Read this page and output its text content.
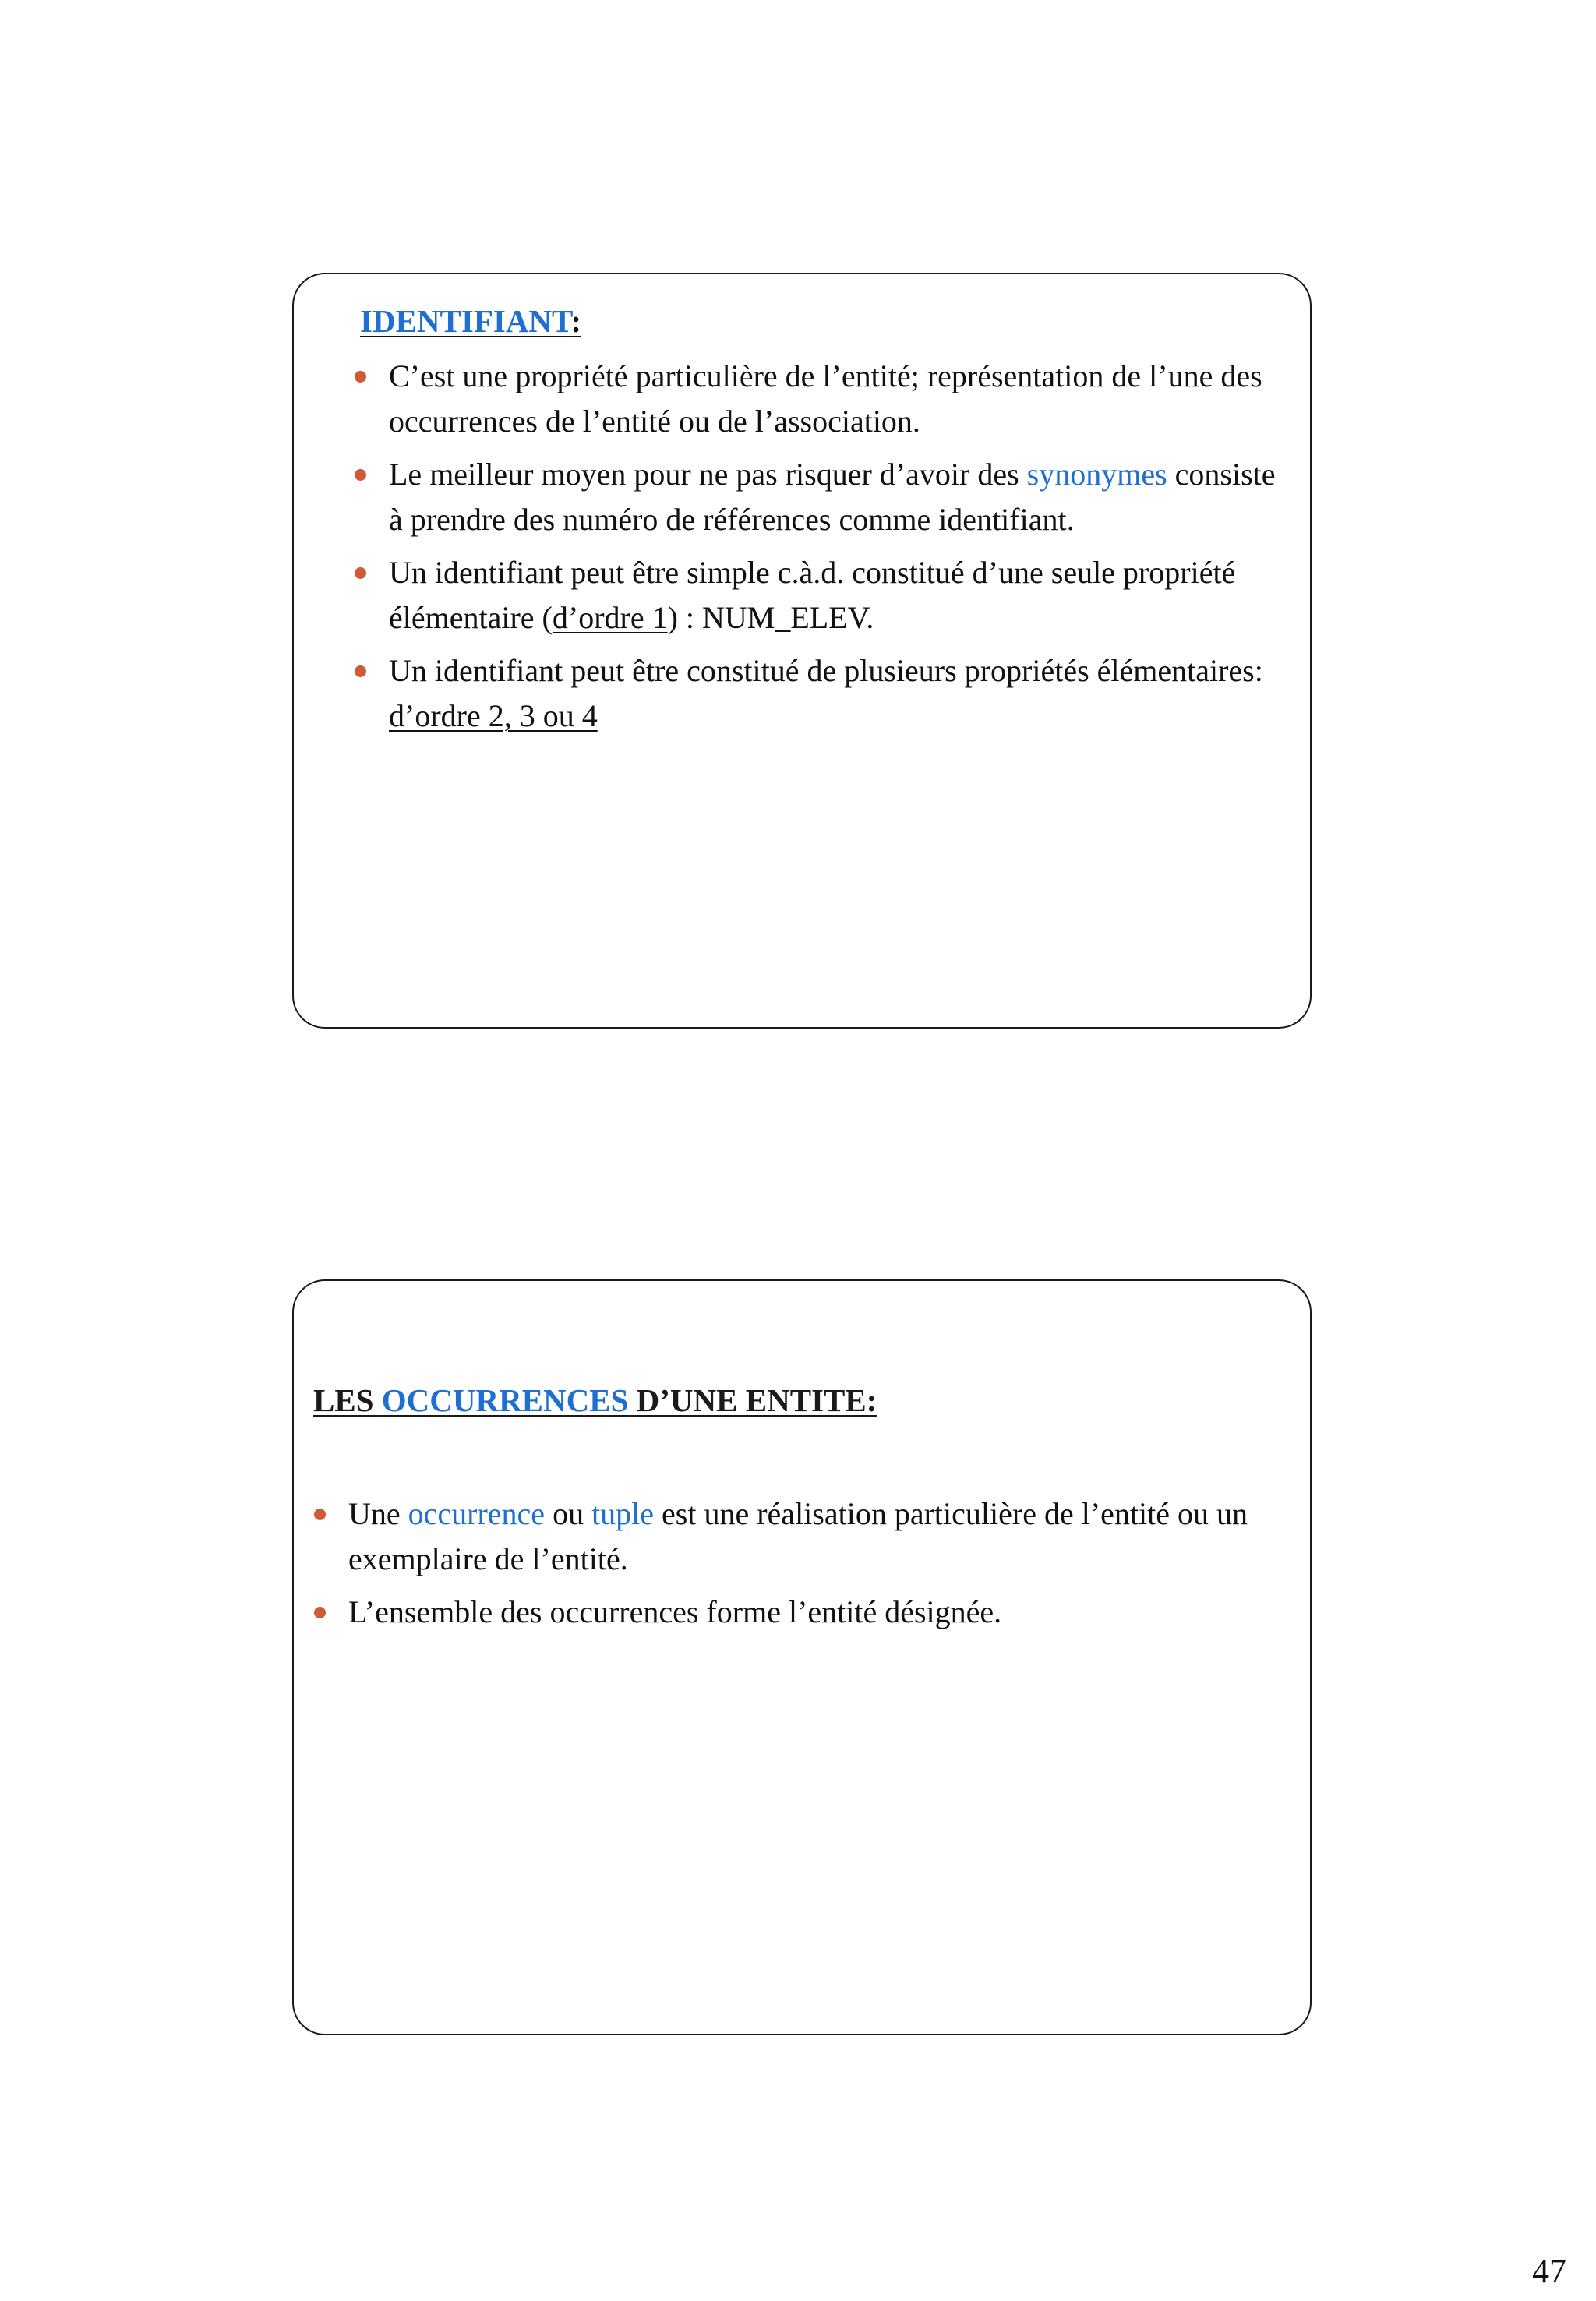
IDENTIFIANT:
C’est une propriété particulière de l’entité; représentation de l’une des occurrences de l’entité ou de l’association.
Le meilleur moyen pour ne pas risquer d’avoir des synonymes consiste à prendre des numéro de références comme identifiant.
Un identifiant peut être simple c.à.d. constitué d’une seule propriété élémentaire (d’ordre 1) : NUM_ELEV.
Un identifiant peut être constitué de plusieurs propriétés élémentaires: d’ordre 2, 3 ou 4
LES OCCURRENCES D’UNE ENTITE:
Une occurrence ou tuple est une réalisation particulière de l’entité ou un exemplaire de l’entité.
L’ensemble des occurrences forme l’entité désignée.
47
